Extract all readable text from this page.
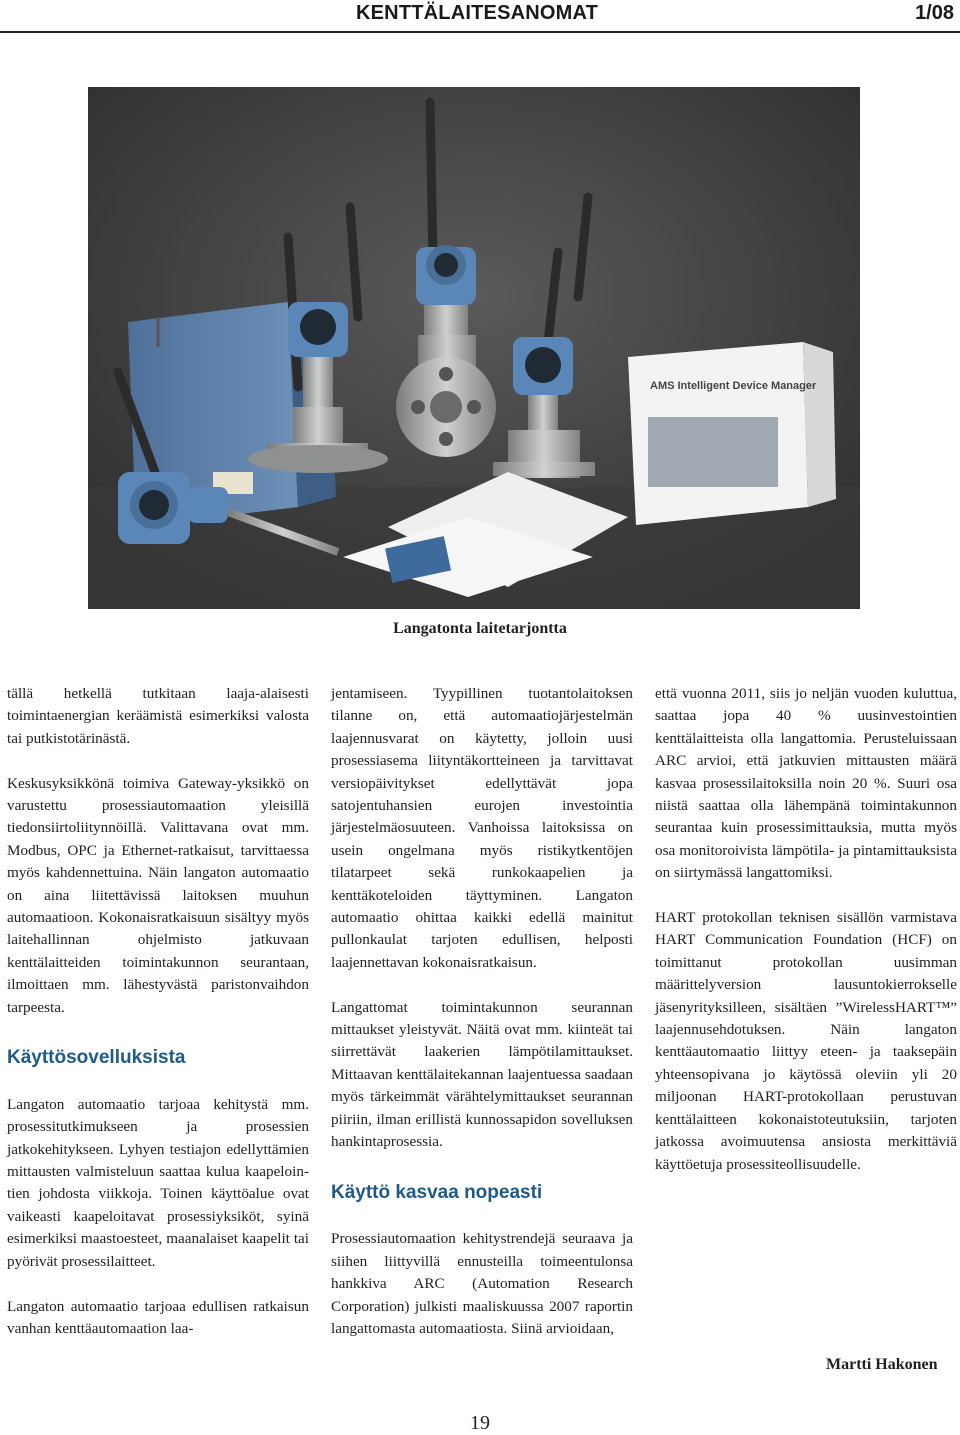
KENTTÄLAITESANOMAT	1/08
AMS Intelligent Device Manager
Langatonta laitetarjontta

tällä hetkellä tutkitaan laaja-alaisesti toimintaenergian keräämistä esimerkiksi valosta tai putkistotärinästä.

Keskusyksikkönä toimiva Gateway-yksikkö on varustettu prosessiautomaation yleisillä tiedonsiirtoliitynnöillä. Valittavana ovat mm. Modbus, OPC ja Ethernet-ratkaisut, tarvittaessa myös kahdennettuina. Näin langaton automaatio on aina liitettävissä laitoksen muuhun automaatioon. Kokonaisratkaisuun sisältyy myös laitehallinnan ohjelmisto jatkuvaan kenttälaitteiden toimintakunnon seurantaan, ilmoittaen mm. lähestyvästä paristonvaihdon tarpeesta.

Käyttösovelluksista

Langaton automaatio tarjoaa kehitystä mm. prosessitutkimukseen ja prosessien jatkokehitykseen. Lyhyen testiajon edellyttämien mittausten valmisteluun saattaa kulua kaapelointien johdosta viikkoja. Toinen käyttöalue ovat vaikeasti kaapeloitavat prosessiyksiköt, syinä esimerkiksi maastoesteet, maanalaiset kaapelit tai pyörivät prosessilaitteet.

Langaton automaatio tarjoaa edullisen ratkaisun vanhan kenttäautomaation laa-

jentamiseen. Tyypillinen tuotantolaitoksen tilanne on, että automaatiojärjestelmän laajennusvarat on käytetty, jolloin uusi prosessiasema liityntäkortteineen ja tarvittavat versiopäivitykset edellyttävät jopa satojentuhansien eurojen investointia järjestelmäosuuteen. Vanhoissa laitoksissa on usein ongelmana myös ristikytkentöjen tilatarpeet sekä runkokaapelien ja kenttäkoteloiden täyttyminen. Langaton automaatio ohittaa kaikki edellä mainitut pullonkaulat tarjoten edullisen, helposti laajennettavan kokonaisratkaisun.

Langattomat toimintakunnon seurannan mittaukset yleistyvät. Näitä ovat mm. kiinteät tai siirrettävät laakerien lämpötilamittaukset. Mittaavan kenttälaitekannan laajentuessa saadaan myös tärkeimmät värähtelymittaukset seurannan piiriin, ilman erillistä kunnossapidon sovelluksen hankintaprosessia.

Käyttö kasvaa nopeasti

Prosessiautomaation kehitystrendejä seuraava ja siihen liittyvillä ennusteilla toimeentulonsa hankkiva ARC (Automation Research Corporation) julkisti maaliskuussa 2007 raportin langattomasta automaatiosta. Siinä arvioidaan,

että vuonna 2011, siis jo neljän vuoden kuluttua, saattaa jopa 40 % uusinvestointien kenttälaitteista olla langattomia. Perusteluissaan ARC arvioi, että jatkuvien mittausten määrä kasvaa prosessilaitoksilla noin 20 %. Suuri osa niistä saattaa olla lähempänä toimintakunnon seurantaa kuin prosessimittauksia, mutta myös osa monitoroivista lämpötila- ja pintamittauksista on siirtymässä langattomiksi.

HART protokollan teknisen sisällön varmistava HART Communication Foundation (HCF) on toimittanut protokollan uusimman määrittelyversion lausuntokierrokselle jäsenyrityksilleen, sisältäen ”WirelessHART™” laajennusehdotuksen. Näin langaton kenttäautomaatio liittyy eteen- ja taaksepäin yhteensopivana jo käytössä oleviin yli 20 miljoonan HART-protokollaan perustuvan kenttälaitteen kokonaistoteutuksiin, tarjoten jatkossa avoimuutensa ansiosta merkittäviä käyttöetuja prosessiteollisuudelle.

Martti Hakonen
19
